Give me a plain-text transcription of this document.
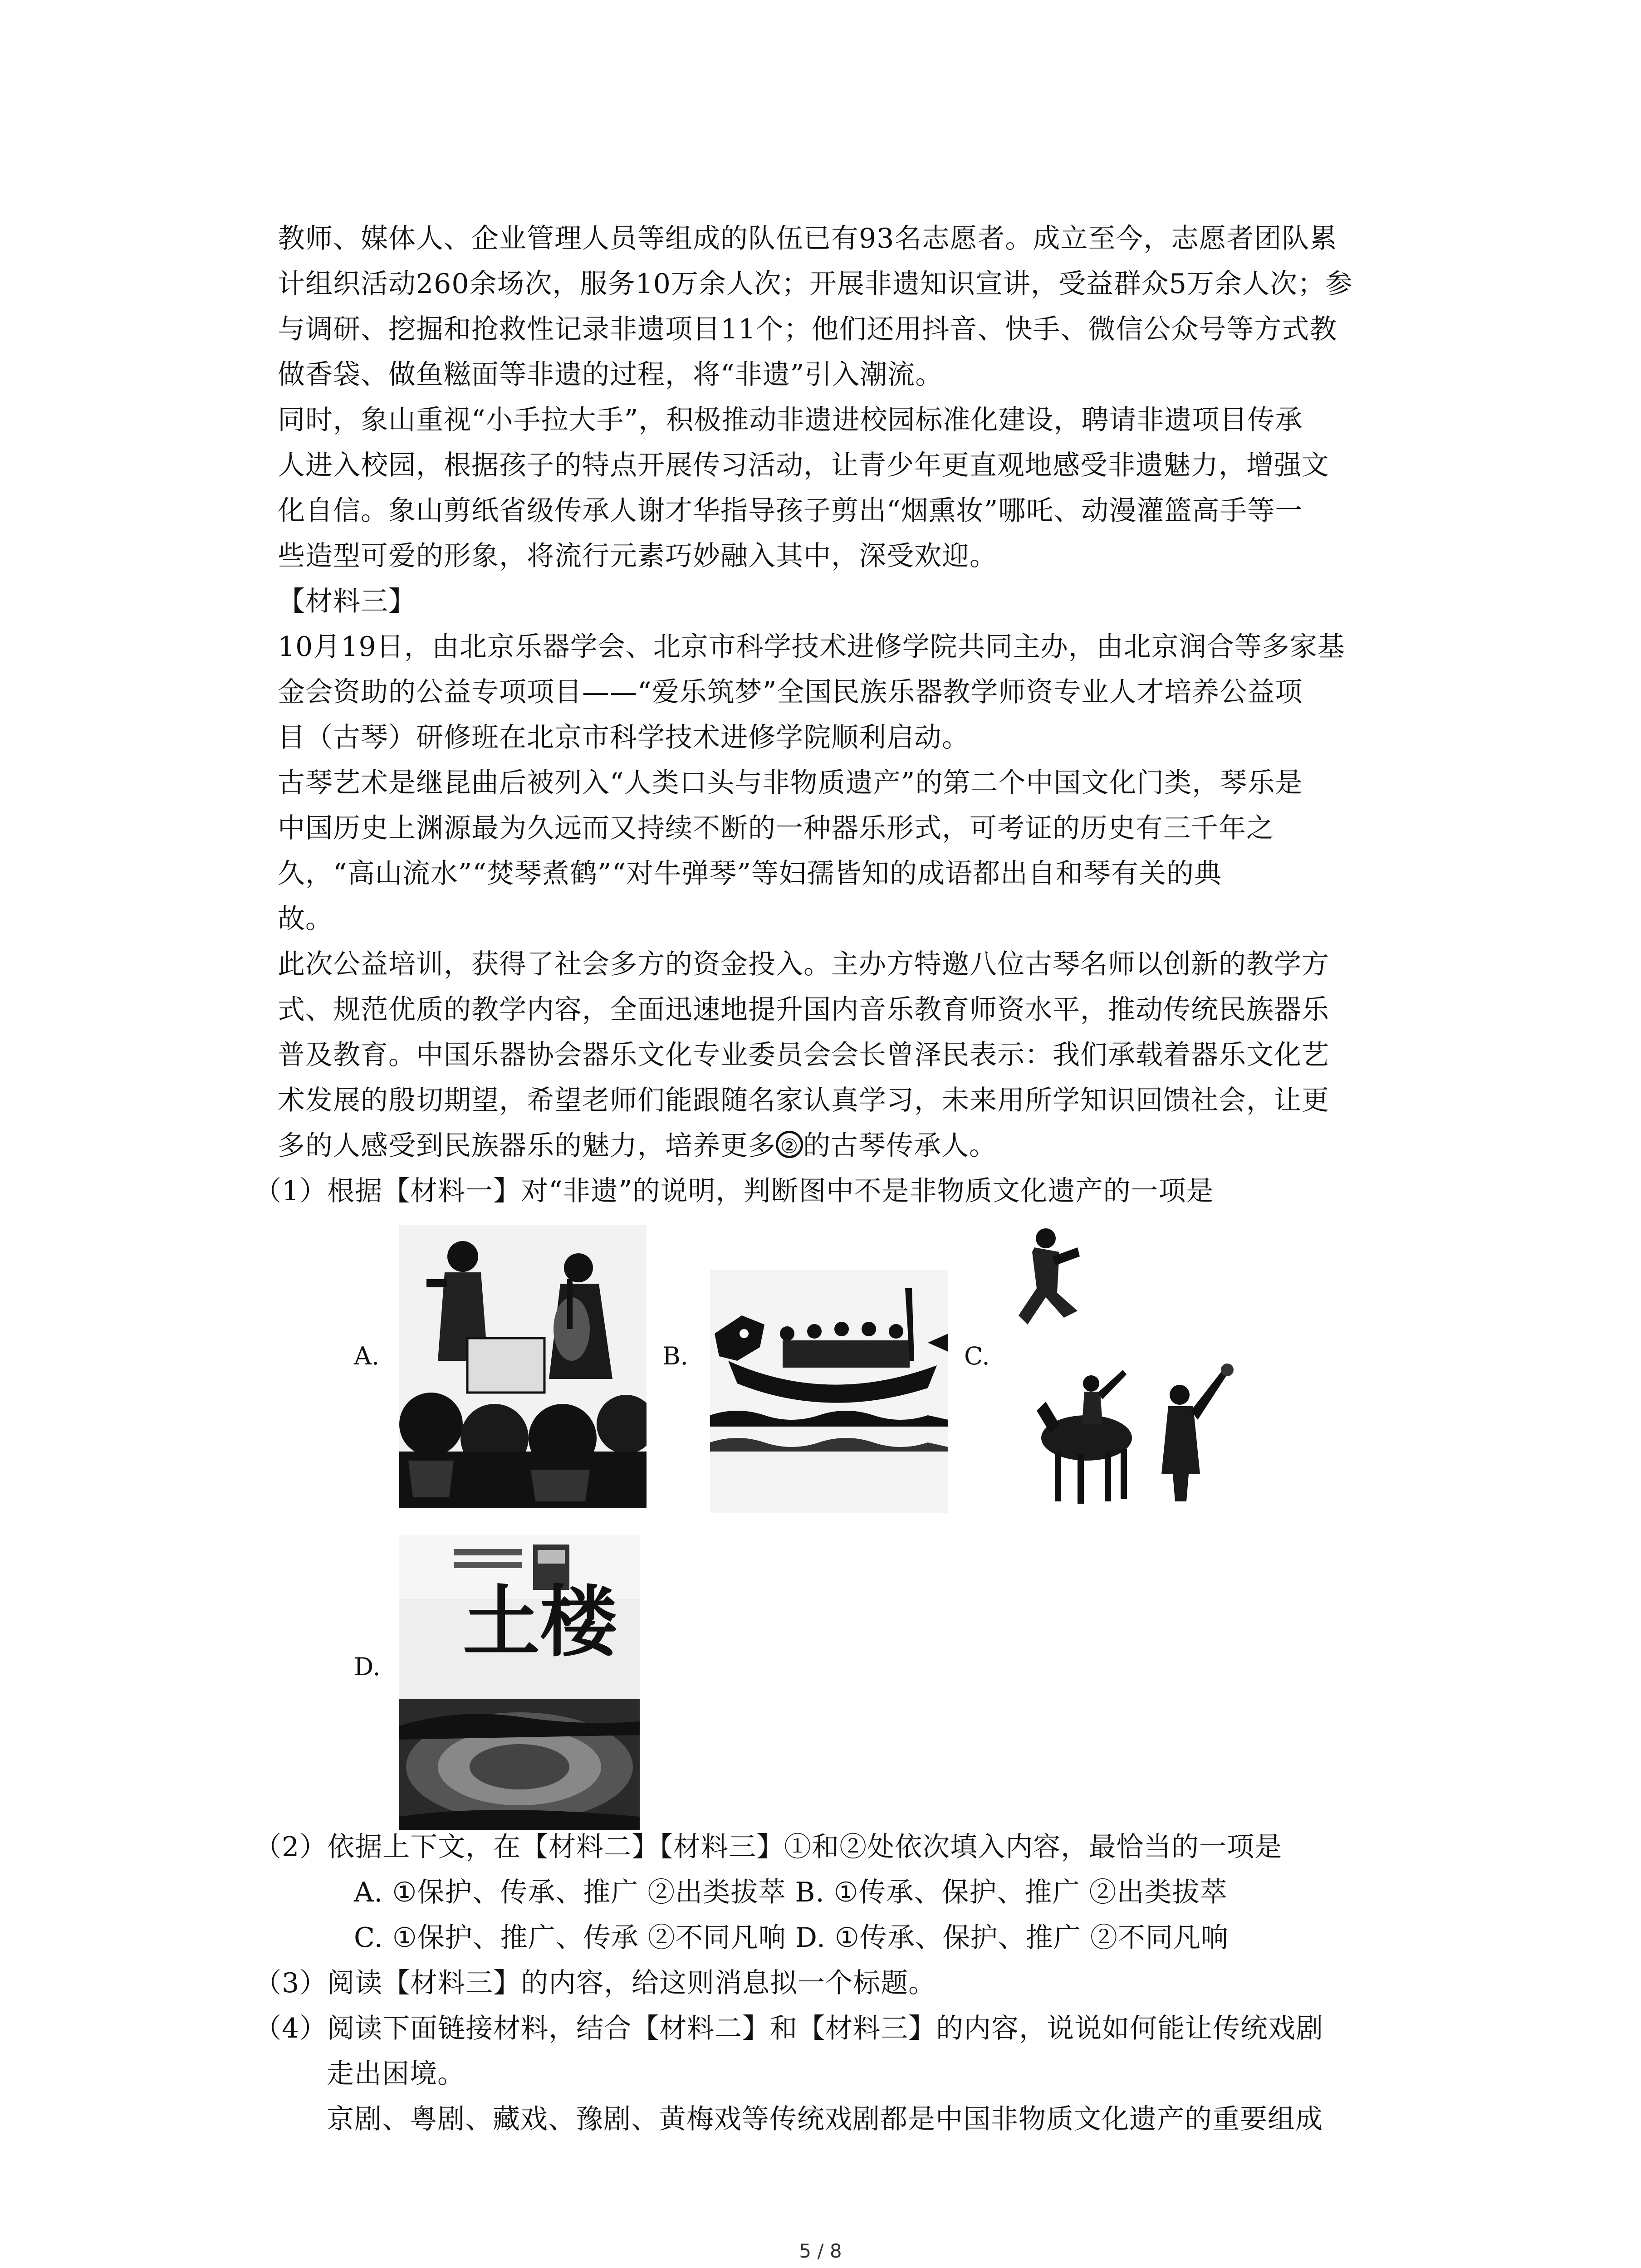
教师、媒体人、企业管理人员等组成的队伍已有93名志愿者。成立至今，志愿者团队累

计组织活动260余场次，服务10万余人次；开展非遗知识宣讲，受益群众5万余人次；参

与调研、挖掘和抢救性记录非遗项目11个；他们还用抖音、快手、微信公众号等方式教

做香袋、做鱼糍面等非遗的过程，将“非遗”引入潮流。

同时，象山重视“小手拉大手”，积极推动非遗进校园标准化建设，聘请非遗项目传承

人进入校园，根据孩子的特点开展传习活动，让青少年更直观地感受非遗魅力，增强文

化自信。象山剪纸省级传承人谢才华指导孩子剪出“烟熏妆”哪吒、动漫灌篮高手等一

些造型可爱的形象，将流行元素巧妙融入其中，深受欢迎。

【材料三】

10月19日，由北京乐器学会、北京市科学技术进修学院共同主办，由北京润合等多家基

金会资助的公益专项项目——“爱乐筑梦”全国民族乐器教学师资专业人才培养公益项

目（古琴）研修班在北京市科学技术进修学院顺利启动。

古琴艺术是继昆曲后被列入“人类口头与非物质遗产”的第二个中国文化门类，琴乐是

中国历史上渊源最为久远而又持续不断的一种器乐形式，可考证的历史有三千年之

久，“高山流水”“焚琴煮鹤”“对牛弹琴”等妇孺皆知的成语都出自和琴有关的典

故。

此次公益培训，获得了社会多方的资金投入。主办方特邀八位古琴名师以创新的教学方

式、规范优质的教学内容，全面迅速地提升国内音乐教育师资水平，推动传统民族器乐

普及教育。中国乐器协会器乐文化专业委员会会长曾泽民表示：我们承载着器乐文化艺

术发展的殷切期望，希望老师们能跟随名家认真学习，未来用所学知识回馈社会，让更

多的人感受到民族器乐的魅力，培养更多 ② 的古琴传承人。

（1）根据【材料一】对“非遗”的说明，判断图中不是非物质文化遗产的一项是

A.	B.	C.
D. 土楼

（2）依据上下文，在【材料二】【材料三】①和②处依次填入内容，最恰当的一项是

A. ①保护、传承、推广 ②出类拔萃 B. ①传承、保护、推广 ②出类拔萃

C. ①保护、推广、传承 ②不同凡响 D. ①传承、保护、推广 ②不同凡响

（3）阅读【材料三】的内容，给这则消息拟一个标题。

（4）阅读下面链接材料，结合【材料二】和【材料三】的内容，说说如何能让传统戏剧

走出困境。

京剧、粤剧、藏戏、豫剧、黄梅戏等传统戏剧都是中国非物质文化遗产的重要组成

5 / 8
